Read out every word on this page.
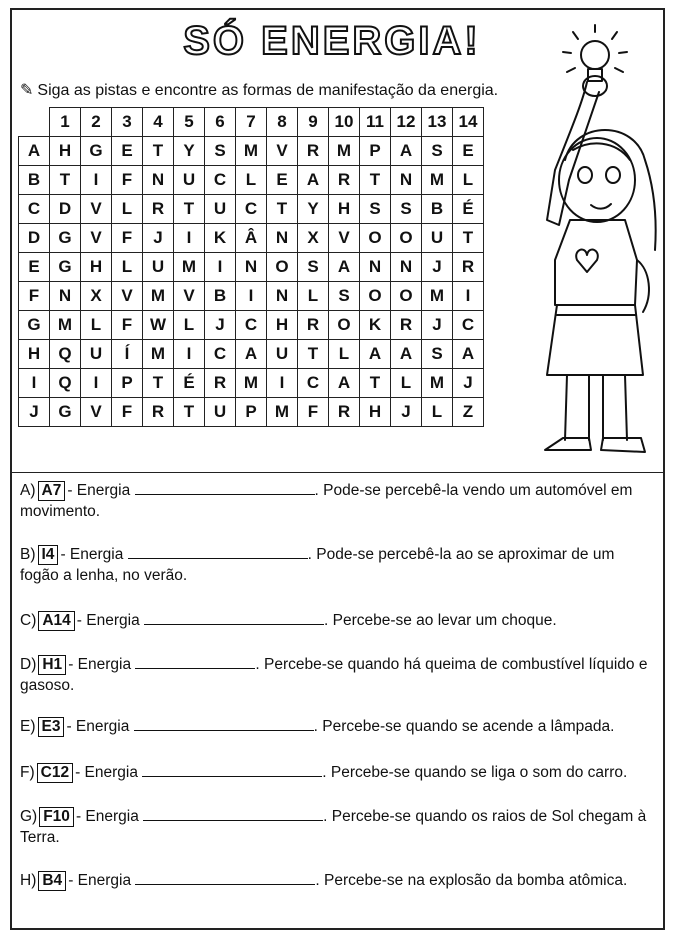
SÓ ENERGIA!
✎ Siga as pistas e encontre as formas de manifestação da energia.
	1	2	3	4	5	6	7	8	9	10	11	12	13	14
A	H	G	E	T	Y	S	M	V	R	M	P	A	S	E
B	T	I	F	N	U	C	L	E	A	R	T	N	M	L
C	D	V	L	R	T	U	C	T	Y	H	S	S	B	É
D	G	V	F	J	I	K	Â	N	X	V	O	O	U	T
E	G	H	L	U	M	I	N	O	S	A	N	N	J	R
F	N	X	V	M	V	B	I	N	L	S	O	O	M	I
G	M	L	F	W	L	J	C	H	R	O	K	R	J	C
H	Q	U	Í	M	I	C	A	U	T	L	A	A	S	A
I	Q	I	P	T	É	R	M	I	C	A	T	L	M	J
J	G	V	F	R	T	U	P	M	F	R	H	J	L	Z
A) A7 - Energia	. Pode-se percebê-la vendo um automóvel em movimento.
B) I4 - Energia	. Pode-se percebê-la ao se aproximar de um fogão a lenha, no verão.
C) A14 - Energia	. Percebe-se ao levar um choque.
D) H1 - Energia	. Percebe-se quando há queima de combustível líquido e gasoso.
E) E3 - Energia	. Percebe-se quando se acende a lâmpada.
F) C12 - Energia	. Percebe-se quando se liga o som do carro.
G) F10 - Energia	. Percebe-se quando os raios de Sol chegam à Terra.
H) B4 - Energia	. Percebe-se na explosão da bomba atômica.
